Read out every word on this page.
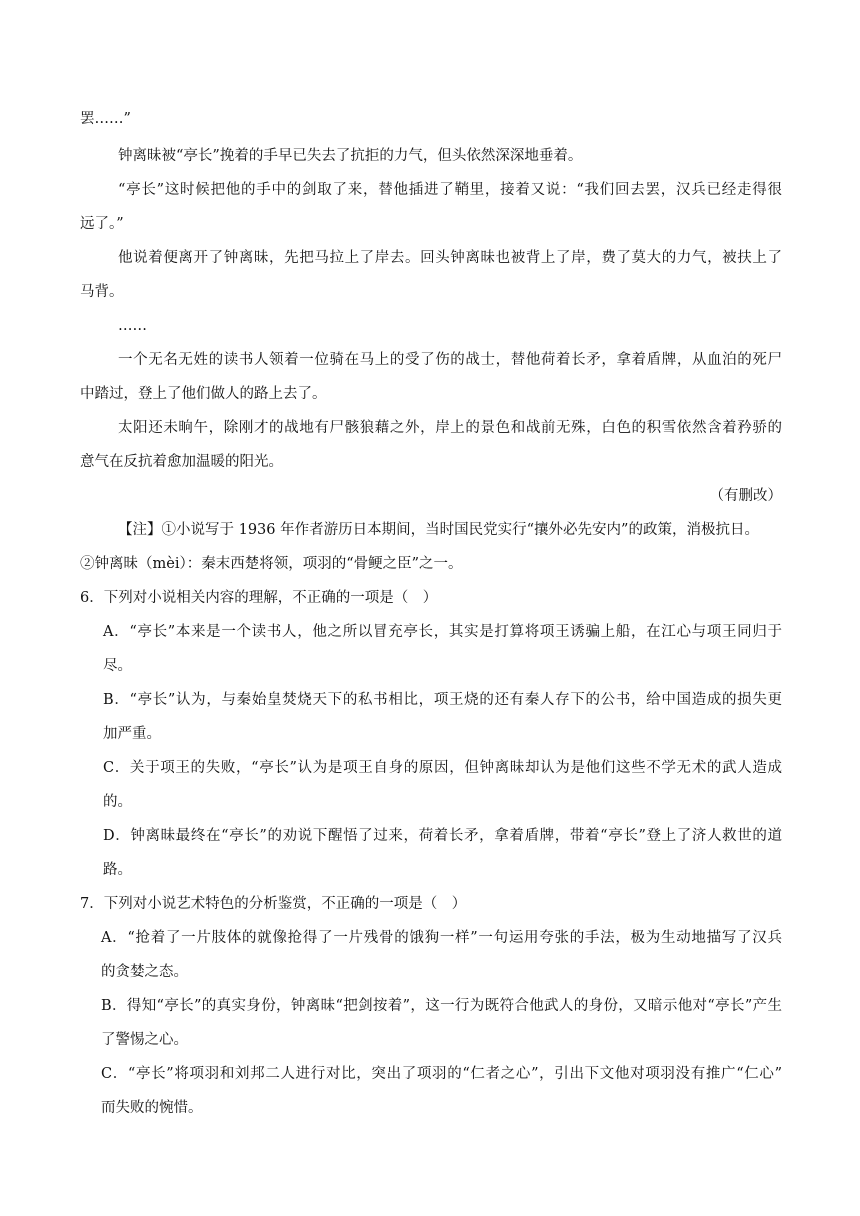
罢……”
钟离昧被“亭长”挽着的手早已失去了抗拒的力气，但头依然深深地垂着。
“亭长”这时候把他的手中的剑取了来，替他插进了鞘里，接着又说：“我们回去罢，汉兵已经走得很
远了。”
他说着便离开了钟离昧，先把马拉上了岸去。回头钟离昧也被背上了岸，费了莫大的力气，被扶上了
马背。
……
一个无名无姓的读书人领着一位骑在马上的受了伤的战士，替他荷着长矛，拿着盾牌，从血泊的死尸
中踏过，登上了他们做人的路上去了。
太阳还未晌午，除刚才的战地有尸骸狼藉之外，岸上的景色和战前无殊，白色的积雪依然含着矜骄的
意气在反抗着愈加温暖的阳光。
（有删改）
【注】①小说写于 1936 年作者游历日本期间，当时国民党实行“攘外必先安内”的政策，消极抗日。
②钟离昧（mèi）：秦末西楚将领，项羽的“骨鲠之臣”之一。
6．下列对小说相关内容的理解，不正确的一项是（　）
A．“亭长”本来是一个读书人，他之所以冒充亭长，其实是打算将项王诱骗上船，在江心与项王同归于
尽。
B．“亭长”认为，与秦始皇焚烧天下的私书相比，项王烧的还有秦人存下的公书，给中国造成的损失更
加严重。
C．关于项王的失败，“亭长”认为是项王自身的原因，但钟离昧却认为是他们这些不学无术的武人造成
的。
D．钟离昧最终在“亭长”的劝说下醒悟了过来，荷着长矛，拿着盾牌，带着“亭长”登上了济人救世的道
路。
7．下列对小说艺术特色的分析鉴赏，不正确的一项是（　）
A．“抢着了一片肢体的就像抢得了一片残骨的饿狗一样”一句运用夸张的手法，极为生动地描写了汉兵
的贪婪之态。
B．得知“亭长”的真实身份，钟离昧“把剑按着”，这一行为既符合他武人的身份，又暗示他对“亭长”产生
了警惕之心。
C．“亭长”将项羽和刘邦二人进行对比，突出了项羽的“仁者之心”，引出下文他对项羽没有推广“仁心”
而失败的惋惜。
